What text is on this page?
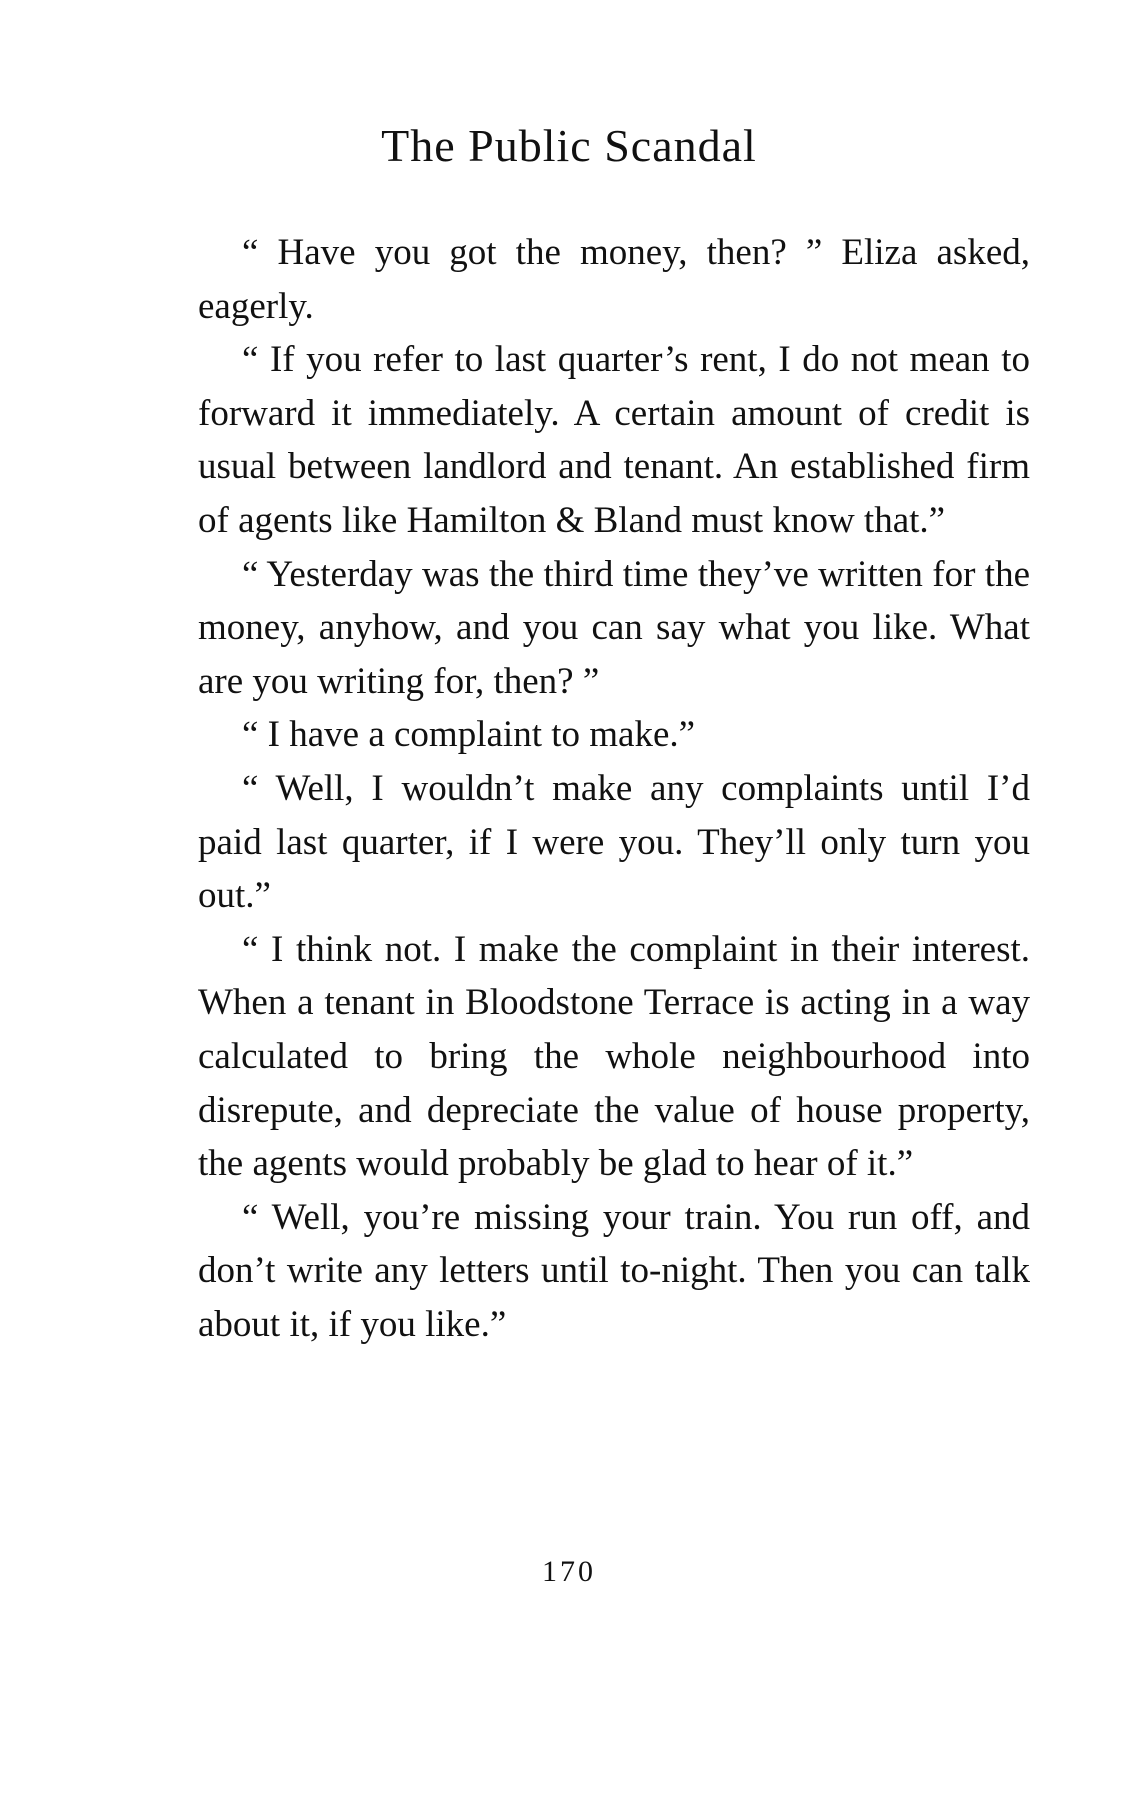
The Public Scandal

“ Have you got the money, then? ” Eliza asked, eagerly.

“ If you refer to last quarter’s rent, I do not mean to forward it immediately. A certain amount of credit is usual between landlord and tenant. An established firm of agents like Hamilton & Bland must know that.”

“ Yesterday was the third time they’ve written for the money, anyhow, and you can say what you like. What are you writing for, then? ”

“ I have a complaint to make.”

“ Well, I wouldn’t make any complaints until I’d paid last quarter, if I were you. They’ll only turn you out.”

“ I think not. I make the complaint in their interest. When a tenant in Bloodstone Terrace is acting in a way calculated to bring the whole neighbourhood into disrepute, and depreciate the value of house property, the agents would probably be glad to hear of it.”

“ Well, you’re missing your train. You run off, and don’t write any letters until to-night. Then you can talk about it, if you like.”

170
